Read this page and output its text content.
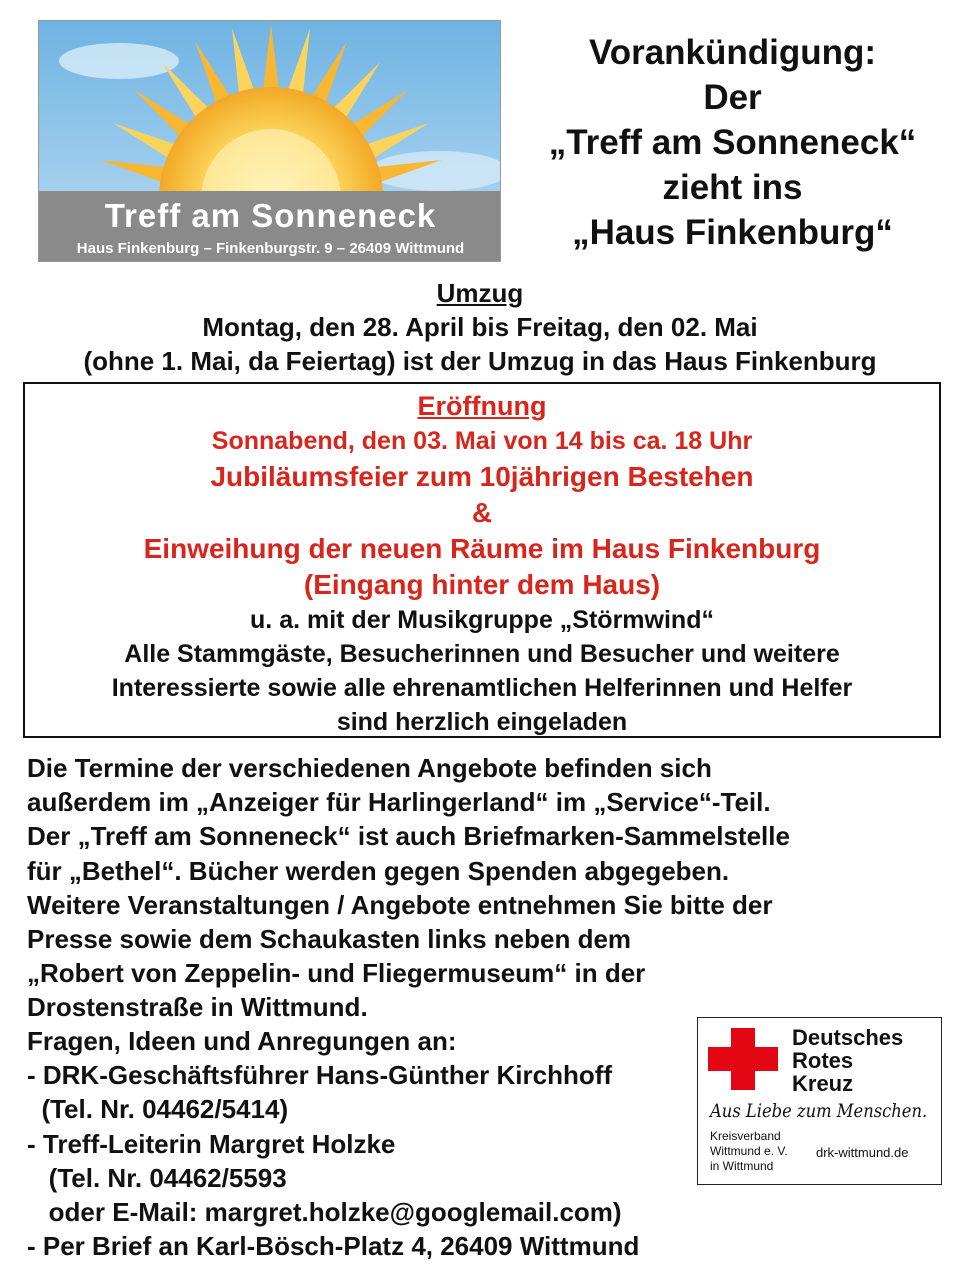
Treff am Sonneneck
Haus Finkenburg – Finkenburgstr. 9 – 26409 Wittmund
Vorankündigung:
Der
„Treff am Sonneneck“
zieht ins
„Haus Finkenburg“
Umzug
Montag, den 28. April bis Freitag, den 02. Mai
(ohne 1. Mai, da Feiertag) ist der Umzug in das Haus Finkenburg
Eröffnung
Sonnabend, den 03. Mai von 14 bis ca. 18 Uhr
Jubiläumsfeier zum 10jährigen Bestehen
&
Einweihung der neuen Räume im Haus Finkenburg
(Eingang hinter dem Haus)
u. a. mit der Musikgruppe „Störmwind“
Alle Stammgäste, Besucherinnen und Besucher und weitere
Interessierte sowie alle ehrenamtlichen Helferinnen und Helfer
sind herzlich eingeladen
Die Termine der verschiedenen Angebote befinden sich
außerdem im „Anzeiger für Harlingerland“ im „Service“-Teil.
Der „Treff am Sonneneck“ ist auch Briefmarken-Sammelstelle
für „Bethel“. Bücher werden gegen Spenden abgegeben.
Weitere Veranstaltungen / Angebote entnehmen Sie bitte der
Presse sowie dem Schaukasten links neben dem
„Robert von Zeppelin- und Fliegermuseum“ in der
Drostenstraße in Wittmund.
Fragen, Ideen und Anregungen an:
- DRK-Geschäftsführer Hans-Günther Kirchhoff
(Tel. Nr. 04462/5414)
- Treff-Leiterin Margret Holzke
(Tel. Nr. 04462/5593
oder E-Mail: margret.holzke@googlemail.com)
- Per Brief an Karl-Bösch-Platz 4, 26409 Wittmund
Deutsches
Rotes
Kreuz
Aus Liebe zum Menschen.
Kreisverband
Wittmund e. V.
in Wittmund
drk-wittmund.de
